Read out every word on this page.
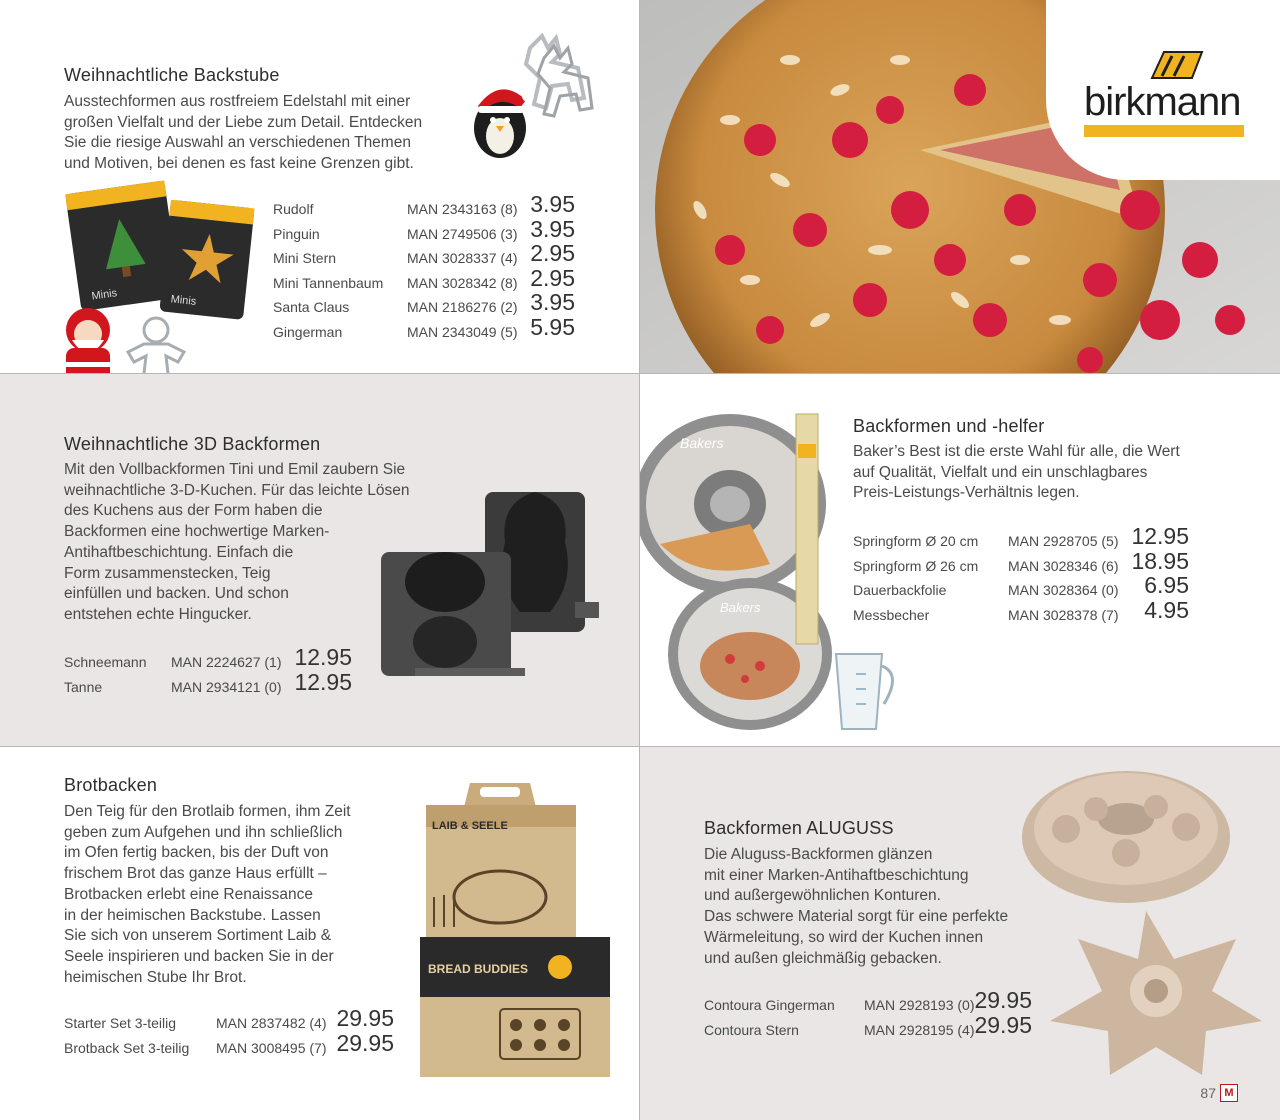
Weihnachtliche Backstube
Ausstechformen aus rostfreiem Edelstahl mit einer
großen Vielfalt und der Liebe zum Detail. Entdecken
Sie die riesige Auswahl an verschiedenen Themen
und Motiven, bei denen es fast keine Grenzen gibt.
Minis	Minis
Rudolf	MAN 2343163 (8) 3.95
Pinguin	MAN 2749506 (3) 3.95
Mini Stern	MAN 3028337 (4) 2.95
Mini Tannenbaum MAN 3028342 (8) 2.95
Santa Claus	MAN 2186276 (2) 3.95
Gingerman	MAN 2343049 (5) 5.95
birkmann
Weihnachtliche 3D Backformen
Mit den Vollbackformen Tini und Emil zaubern Sie
weihnachtliche 3-D-Kuchen. Für das leichte Lösen
des Kuchens aus der Form haben die
Backformen eine hochwertige Marken-
Antihaftbeschichtung. Einfach die
Form zusammenstecken, Teig
einfüllen und backen. Und schon
entstehen echte Hingucker.
Schneemann MAN 2224627 (1) 12.95
Tanne	MAN 2934121 (0) 12.95
Bakers
Bakers
Backformen und -helfer
Baker’s Best ist die erste Wahl für alle, die Wert
auf Qualität, Vielfalt und ein unschlagbares
Preis-Leistungs-Verhältnis legen.
Springform Ø 20 cm MAN 2928705 (5) 12.95
Springform Ø 26 cm MAN 3028346 (6) 18.95
Dauerbackfolie	MAN 3028364 (0) 6.95
Messbecher	MAN 3028378 (7) 4.95
Brotbacken
Den Teig für den Brotlaib formen, ihm Zeit
geben zum Aufgehen und ihn schließlich
im Ofen fertig backen, bis der Duft von
frischem Brot das ganze Haus erfüllt –
Brotbacken erlebt eine Renaissance
in der heimischen Backstube. Lassen
Sie sich von unserem Sortiment Laib &
Seele inspirieren und backen Sie in der
heimischen Stube Ihr Brot.
LAIB & SEELE
BREAD BUDDIES
Starter Set 3-teilig	MAN 2837482 (4) 29.95
Brotback Set 3-teilig MAN 3008495 (7) 29.95
Backformen ALUGUSS
Die Aluguss-Backformen glänzen
mit einer Marken-Antihaftbeschichtung
und außergewöhnlichen Konturen.
Das schwere Material sorgt für eine perfekte
Wärmeleitung, so wird der Kuchen innen
und außen gleichmäßig gebacken.
Contoura Gingerman MAN 2928193 (0) 29.95
Contoura Stern	MAN 2928195 (4) 29.95
87 M
